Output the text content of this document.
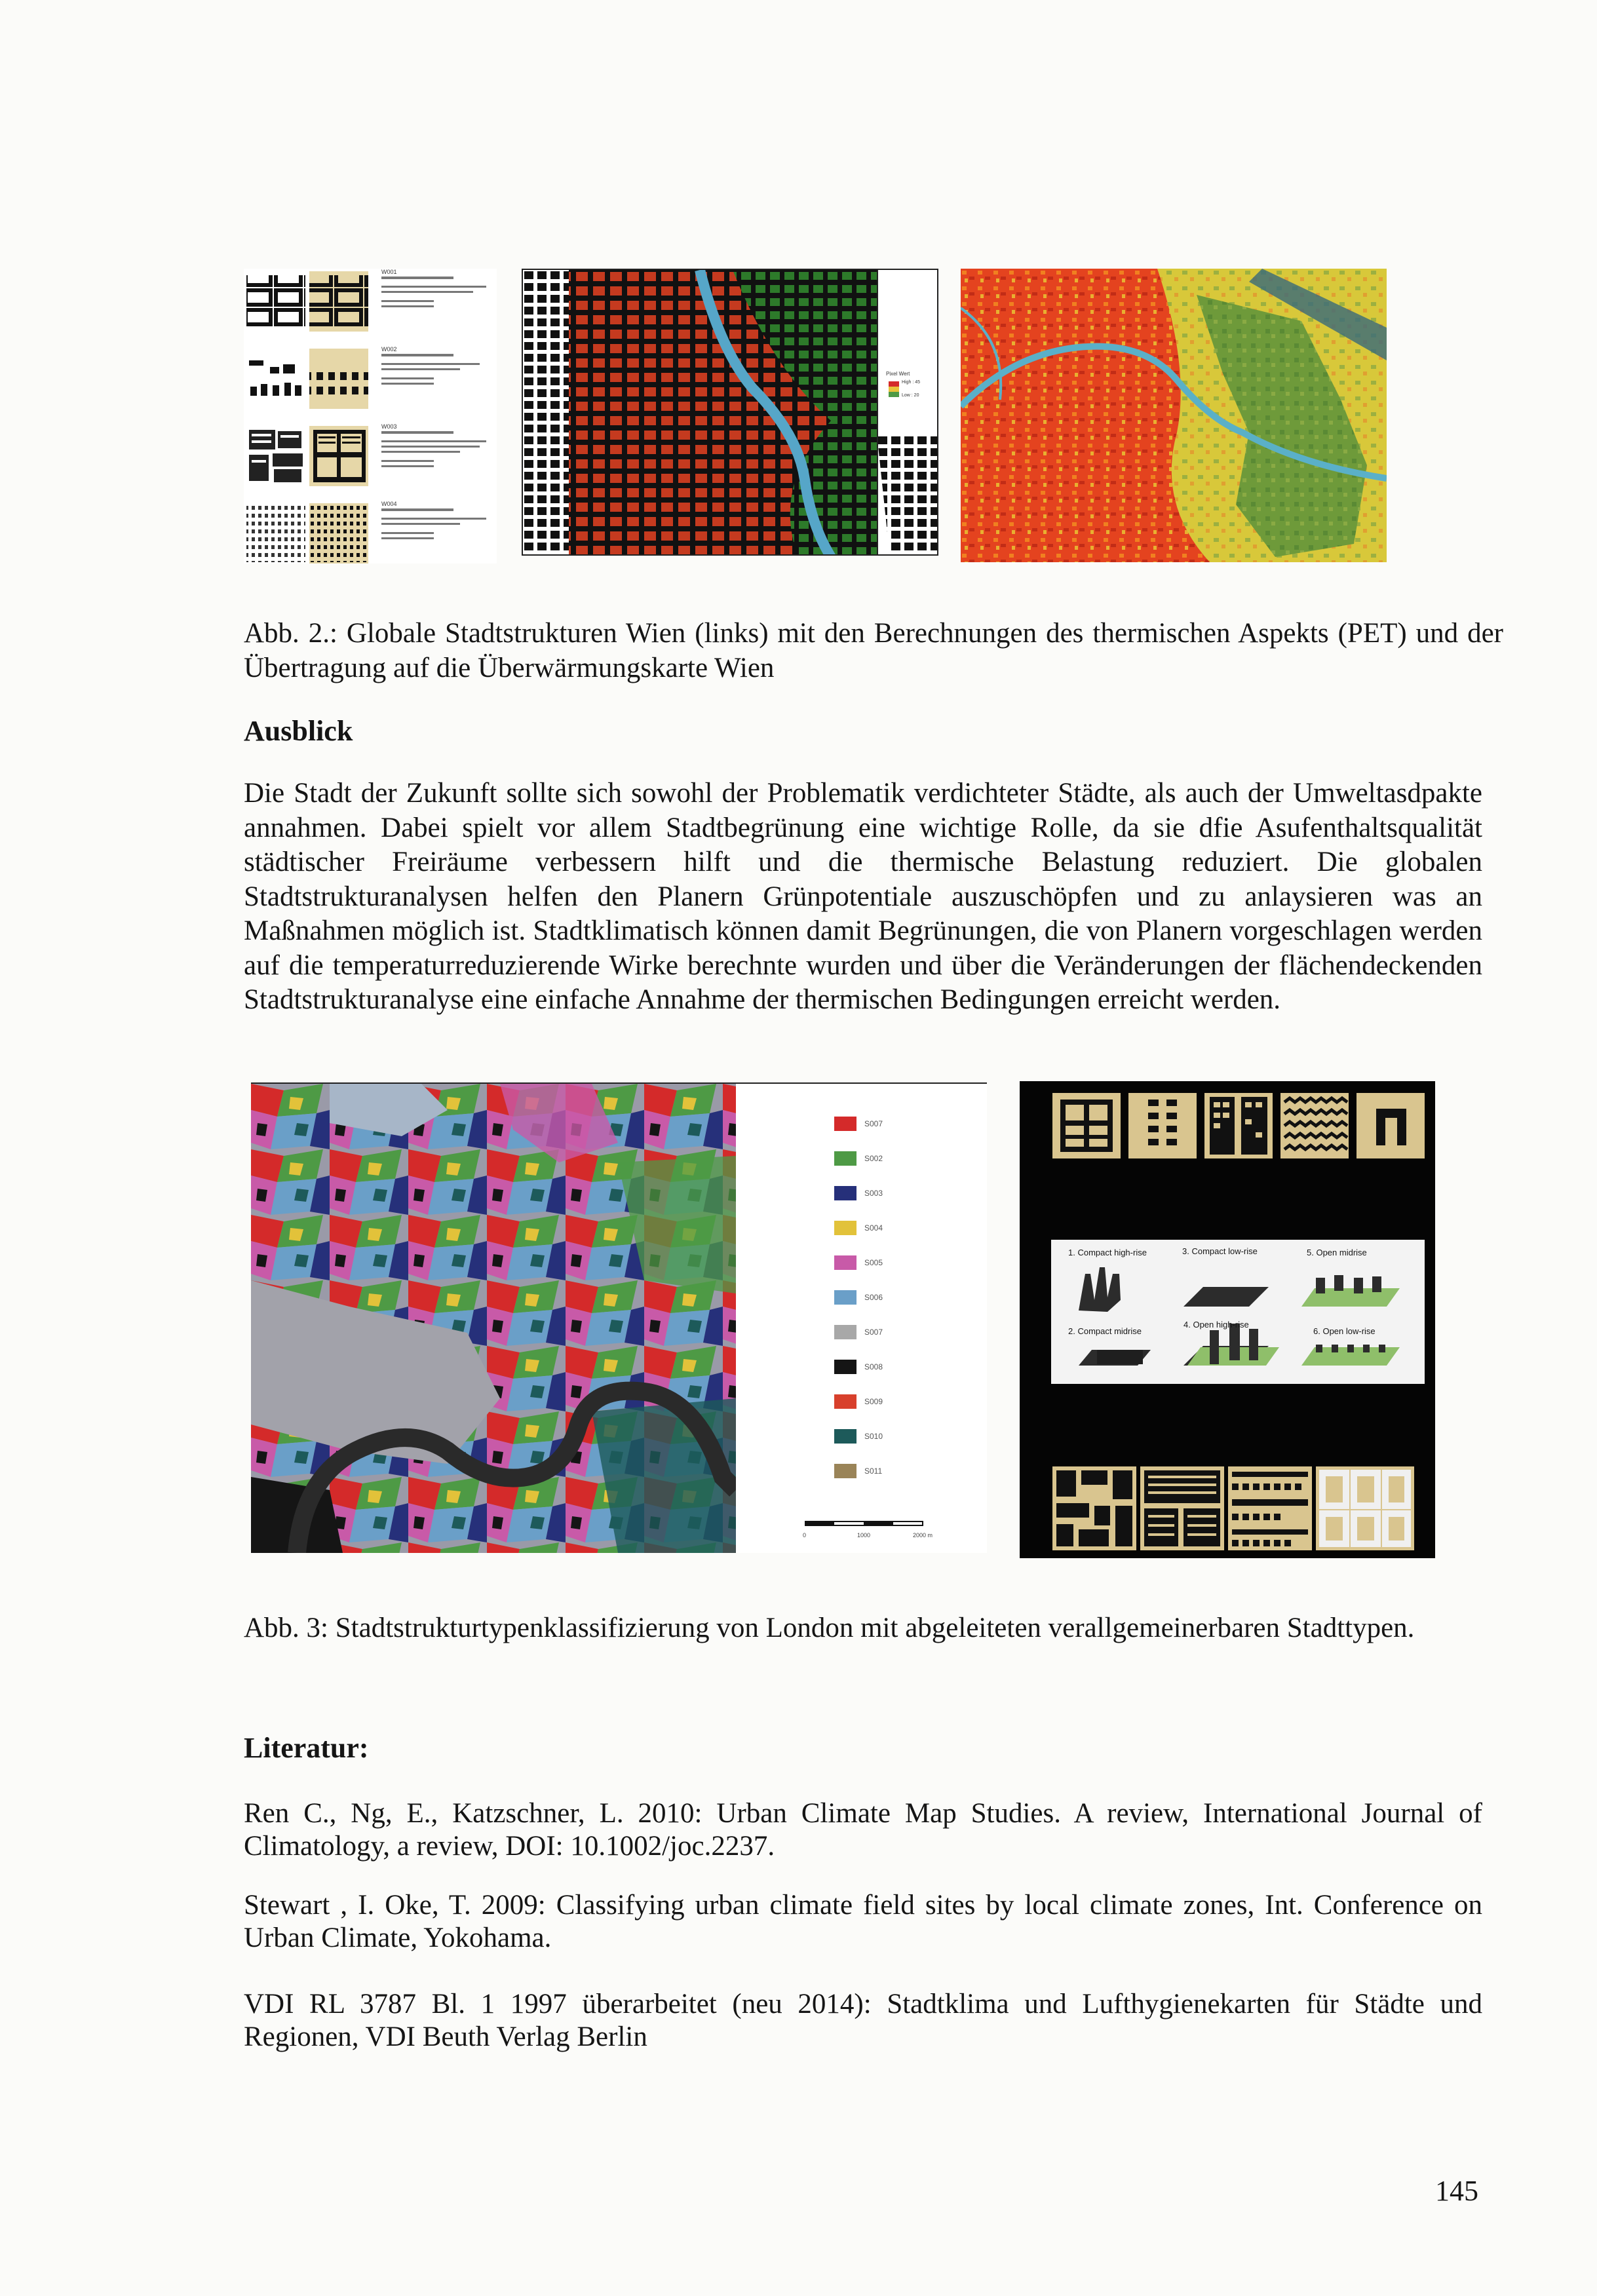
W001
W002
W003
W004
Pixel Wert
High : 45
Low : 20

Abb. 2.: Globale Stadtstrukturen Wien (links) mit den Berechnungen des thermischen Aspekts (PET) und der Übertragung auf die Überwärmungskarte Wien

Ausblick

Die Stadt der Zukunft sollte sich sowohl der Problematik verdichteter Städte, als auch der Umweltasdpakte annahmen. Dabei spielt vor allem Stadtbegrünung eine wichtige Rolle, da sie dfie Asufenthaltsqualität städtischer Freiräume verbessern hilft und die thermische Belastung reduziert. Die globalen Stadtstrukturanalysen helfen den Planern Grünpotentiale auszuschöpfen und zu anlaysieren was an Maßnahmen möglich ist. Stadtklimatisch können damit Begrünungen, die von Planern vorgeschlagen werden auf die temperaturreduzierende Wirke berechnte wurden und über die Veränderungen der flächendeckenden Stadtstrukturanalyse eine einfache Annahme der thermischen Bedingungen erreicht werden.

S007
S002
S003
S004
S005
S006
S007
S008
S009
S010
S011
0	1000	2000 m
1. Compact high-rise	3. Compact low-rise	5. Open midrise
2. Compact midrise
4. Open high-rise
6. Open low-rise

Abb. 3: Stadtstrukturtypenklassifizierung von London mit abgeleiteten verallgemeinerbaren Stadttypen.

Literatur:

Ren C., Ng, E., Katzschner, L. 2010: Urban Climate Map Studies. A review, International Journal of Climatology, a review, DOI: 10.1002/joc.2237.

Stewart , I. Oke, T. 2009: Classifying urban climate field sites by local climate zones, Int. Conference on Urban Climate, Yokohama.

VDI RL 3787 Bl. 1 1997 überarbeitet (neu 2014): Stadtklima und Lufthygienekarten für Städte und Regionen, VDI Beuth Verlag Berlin

145
